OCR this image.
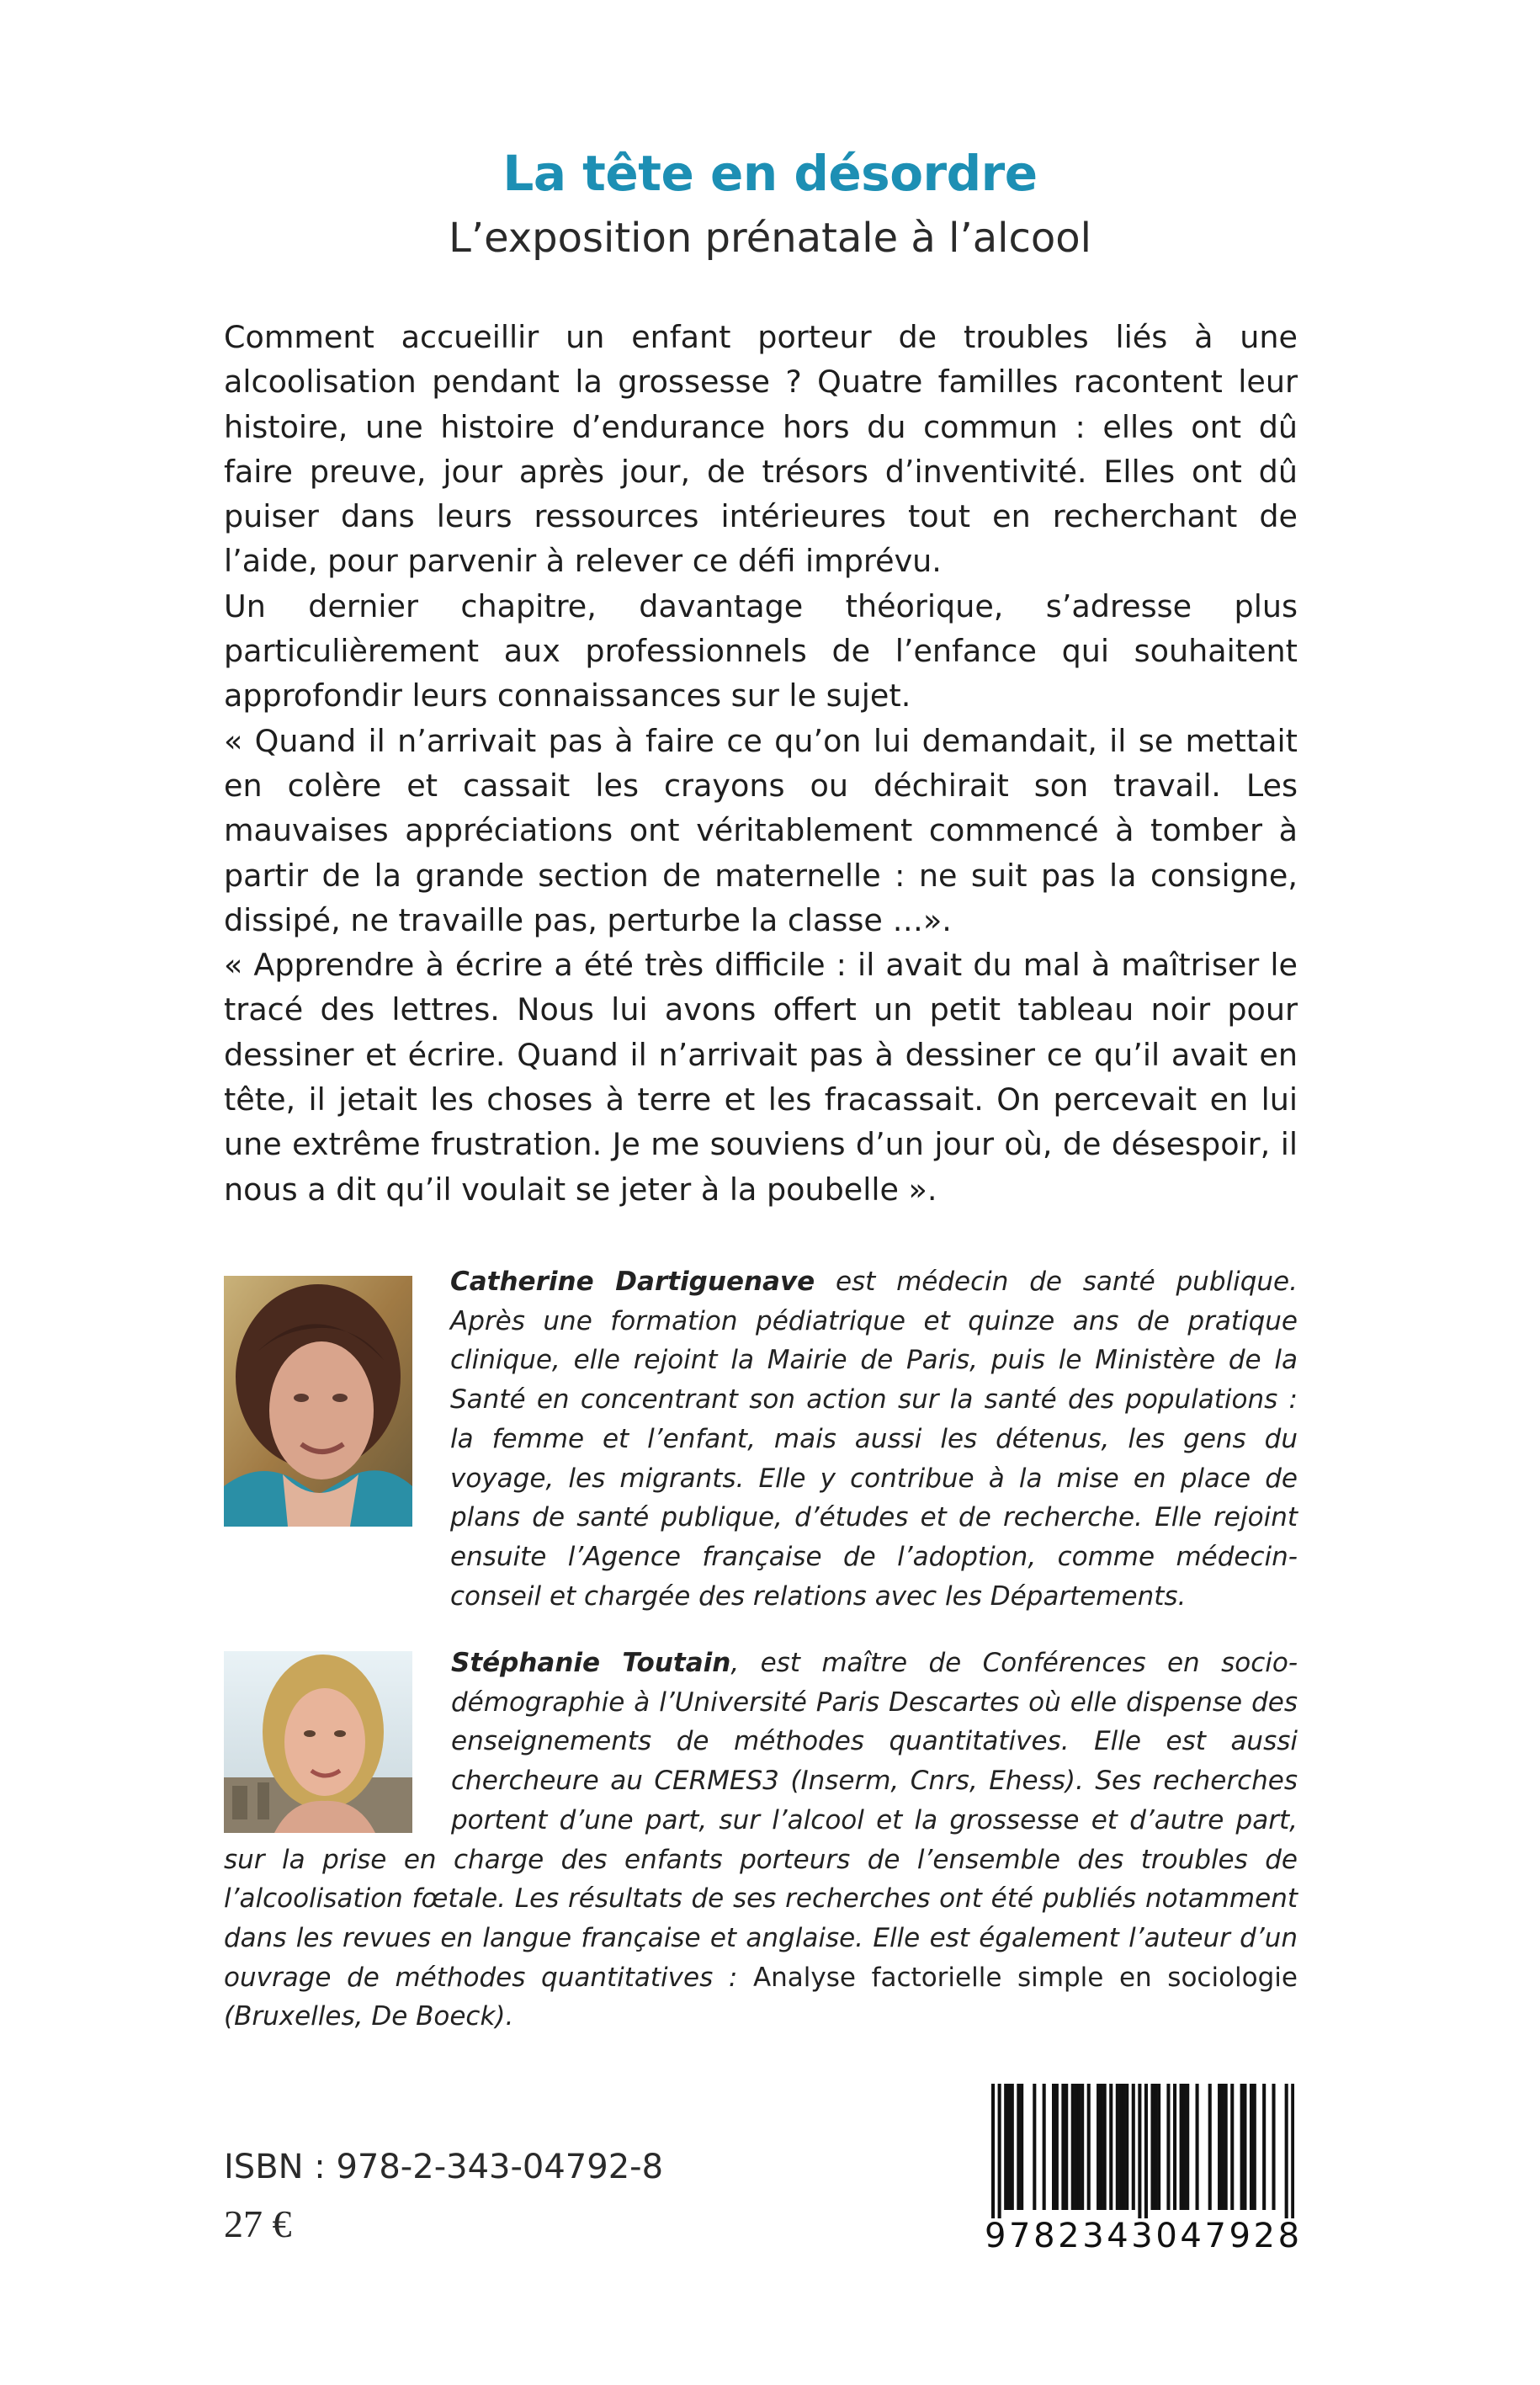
La tête en désordre
L’exposition prénatale à l’alcool

Comment accueillir un enfant porteur de troubles liés à une alcoolisation pendant la grossesse ? Quatre familles racontent leur histoire, une histoire d’endurance hors du commun : elles ont dû faire preuve, jour après jour, de trésors d’inventivité. Elles ont dû puiser dans leurs ressources intérieures tout en recherchant de l’aide, pour parvenir à relever ce défi imprévu.

Un dernier chapitre, davantage théorique, s’adresse plus particulièrement aux professionnels de l’enfance qui souhaitent approfondir leurs connaissances sur le sujet.

« Quand il n’arrivait pas à faire ce qu’on lui demandait, il se mettait en colère et cassait les crayons ou déchirait son travail. Les mauvaises appréciations ont véritablement commencé à tomber à partir de la grande section de maternelle : ne suit pas la consigne, dissipé, ne travaille pas, perturbe la classe …».

« Apprendre à écrire a été très difficile : il avait du mal à maîtriser le tracé des lettres. Nous lui avons offert un petit tableau noir pour dessiner et écrire. Quand il n’arrivait pas à dessiner ce qu’il avait en tête, il jetait les choses à terre et les fracassait. On percevait en lui une extrême frustration. Je me souviens d’un jour où, de désespoir, il nous a dit qu’il voulait se jeter à la poubelle ».

Catherine Dartiguenave est médecin de santé publique. Après une formation pédiatrique et quinze ans de pratique clinique, elle rejoint la Mairie de Paris, puis le Ministère de la Santé en concentrant son action sur la santé des populations : la femme et l’enfant, mais aussi les détenus, les gens du voyage, les migrants. Elle y contribue à la mise en place de plans de santé publique, d’études et de recherche. Elle rejoint ensuite l’Agence française de l’adoption, comme médecin-conseil et chargée des relations avec les Départements.
Stéphanie Toutain, est maître de Conférences en socio-démographie à l’Université Paris Descartes où elle dispense des enseignements de méthodes quantitatives. Elle est aussi chercheure au CERMES3 (Inserm, Cnrs, Ehess). Ses recherches portent d’une part, sur l’alcool et la grossesse et d’autre part, sur la prise en charge des enfants porteurs de l’ensemble des troubles de l’alcoolisation fœtale. Les résultats de ses recherches ont été publiés notamment dans les revues en langue française et anglaise. Elle est également l’auteur d’un ouvrage de méthodes quantitatives : Analyse factorielle simple en sociologie (Bruxelles, De Boeck).
ISBN : 978-2-343-04792-8
27 €	9782343047928
